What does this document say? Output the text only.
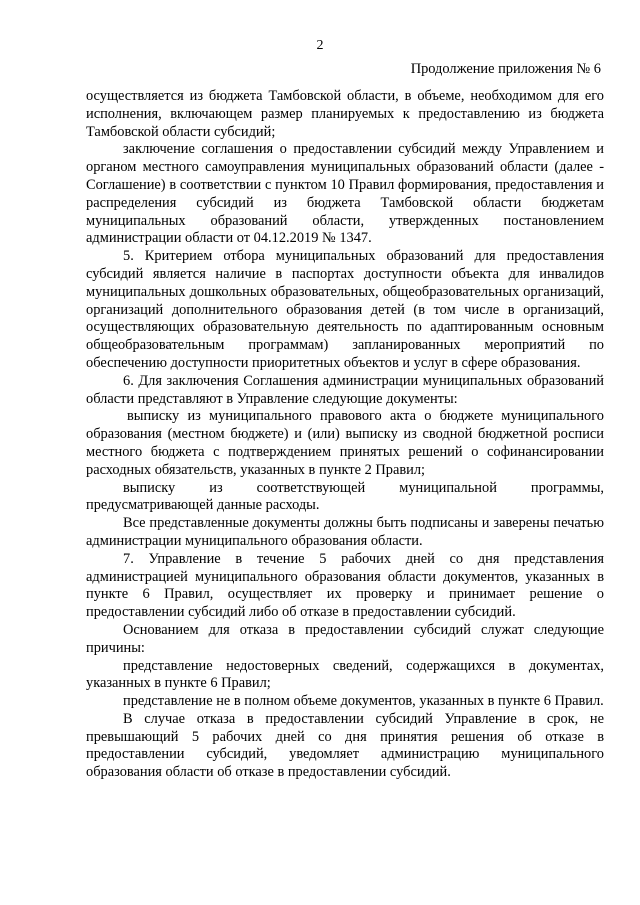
2
Продолжение приложения № 6

осуществляется из бюджета Тамбовской области, в объеме, необходимом для его исполнения, включающем размер планируемых к предоставлению из бюджета Тамбовской области субсидий;

заключение соглашения о предоставлении субсидий между Управлением и органом местного самоуправления муниципальных образований области (далее - Соглашение) в соответствии с пунктом 10 Правил формирования, предоставления и распределения субсидий из бюджета Тамбовской области бюджетам муниципальных образований области, утвержденных постановлением администрации области от 04.12.2019 № 1347.

5. Критерием отбора муниципальных образований для предоставления субсидий является наличие в паспортах доступности объекта для инвалидов муниципальных дошкольных образовательных, общеобразовательных организаций, организаций дополнительного образования детей (в том числе в организаций, осуществляющих образовательную деятельность по адаптированным основным общеобразовательным программам) запланированных мероприятий по обеспечению доступности приоритетных объектов и услуг в сфере образования.

6. Для заключения Соглашения администрации муниципальных образований области представляют в Управление следующие документы:

выписку из муниципального правового акта о бюджете муниципального образования (местном бюджете) и (или) выписку из сводной бюджетной росписи местного бюджета с подтверждением принятых решений о софинансировании расходных обязательств, указанных в пункте 2 Правил;

выписку из соответствующей муниципальной программы, предусматривающей данные расходы.

Все представленные документы должны быть подписаны и заверены печатью администрации муниципального образования области.

7. Управление в течение 5 рабочих дней со дня представления администрацией муниципального образования области документов, указанных в пункте 6 Правил, осуществляет их проверку и принимает решение о предоставлении субсидий либо об отказе в предоставлении субсидий.

Основанием для отказа в предоставлении субсидий служат следующие причины:

представление недостоверных сведений, содержащихся в документах, указанных в пункте 6 Правил;

представление не в полном объеме документов, указанных в пункте 6 Правил.

В случае отказа в предоставлении субсидий Управление в срок, не превышающий 5 рабочих дней со дня принятия решения об отказе в предоставлении субсидий, уведомляет администрацию муниципального образования области об отказе в предоставлении субсидий.
